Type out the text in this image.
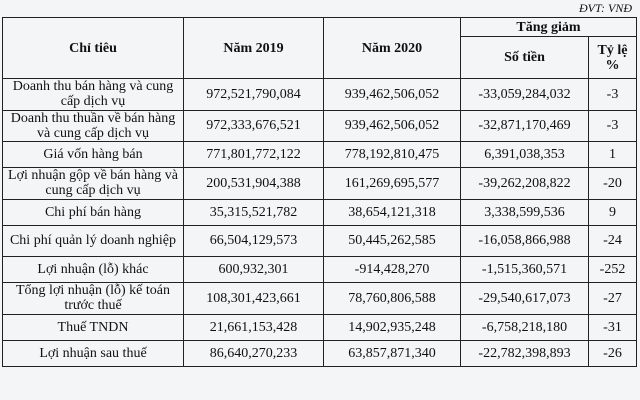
ĐVT: VNĐ
Chỉ tiêu	Năm 2019	Năm 2020	Tăng giảm	
			Số tiền	Tỷ lệ %
Doanh thu bán hàng và cung cấp dịch vụ	972,521,790,084	939,462,506,052	-33,059,284,032	-3
Doanh thu thuần về bán hàng và cung cấp dịch vụ	972,333,676,521	939,462,506,052	-32,871,170,469	-3
Giá vốn hàng bán	771,801,772,122	778,192,810,475	6,391,038,353	1
Lợi nhuận gộp về bán hàng và cung cấp dịch vụ	200,531,904,388	161,269,695,577	-39,262,208,822	-20
Chi phí bán hàng	35,315,521,782	38,654,121,318	3,338,599,536	9
Chi phí quản lý doanh nghiệp	66,504,129,573	50,445,262,585	-16,058,866,988	-24
Lợi nhuận (lỗ) khác	600,932,301	-914,428,270	-1,515,360,571	-252
Tổng lợi nhuận (lỗ) kế toán trước thuế	108,301,423,661	78,760,806,588	-29,540,617,073	-27
Thuế TNDN	21,661,153,428	14,902,935,248	-6,758,218,180	-31
Lợi nhuận sau thuế	86,640,270,233	63,857,871,340	-22,782,398,893	-26
